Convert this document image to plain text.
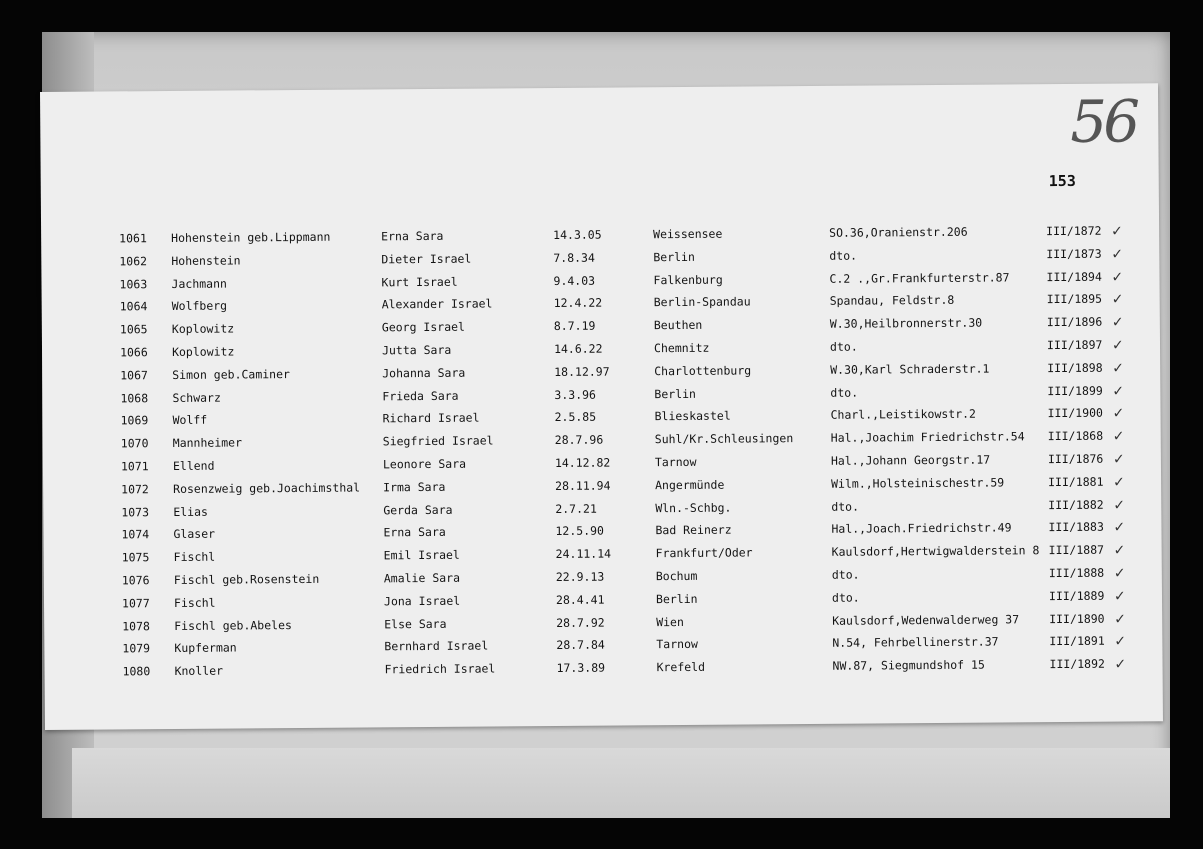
56
153
1061 Hohenstein geb.Lippmann	Erna Sara	14.3.05	Weissensee	SO.36,Oranienstr.206	III/1872 ✓
1062 Hohenstein	Dieter Israel	7.8.34	Berlin	dto.	III/1873 ✓
1063 Jachmann	Kurt Israel	9.4.03	Falkenburg	C.2 .,Gr.Frankfurterstr.87	III/1894 ✓
1064 Wolfberg	Alexander Israel	12.4.22	Berlin-Spandau	Spandau, Feldstr.8	III/1895 ✓
1065 Koplowitz	Georg Israel	8.7.19	Beuthen	W.30,Heilbronnerstr.30	III/1896 ✓
1066 Koplowitz	Jutta Sara	14.6.22	Chemnitz	dto.	III/1897 ✓
1067 Simon geb.Caminer	Johanna Sara	18.12.97	Charlottenburg	W.30,Karl Schraderstr.1	III/1898 ✓
1068 Schwarz	Frieda Sara	3.3.96	Berlin	dto.	III/1899 ✓
1069 Wolff	Richard Israel	2.5.85	Blieskastel	Charl.,Leistikowstr.2	III/1900 ✓
1070 Mannheimer	Siegfried Israel	28.7.96	Suhl/Kr.Schleusingen	Hal.,Joachim Friedrichstr.54 III/1868 ✓
1071 Ellend	Leonore Sara	14.12.82	Tarnow	Hal.,Johann Georgstr.17	III/1876 ✓
1072 Rosenzweig geb.Joachimsthal Irma Sara	28.11.94	Angermünde	Wilm.,Holsteinischestr.59	III/1881 ✓
1073 Elias	Gerda Sara	2.7.21	Wln.-Schbg.	dto.	III/1882 ✓
1074 Glaser	Erna Sara	12.5.90	Bad Reinerz	Hal.,Joach.Friedrichstr.49	III/1883 ✓
1075 Fischl	Emil Israel	24.11.14	Frankfurt/Oder	Kaulsdorf,Hertwigwalderstein 8 III/1887 ✓
1076 Fischl geb.Rosenstein	Amalie Sara	22.9.13	Bochum	dto.	III/1888 ✓
1077 Fischl	Jona Israel	28.4.41	Berlin	dto.	III/1889 ✓
1078 Fischl geb.Abeles	Else Sara	28.7.92	Wien	Kaulsdorf,Wedenwalderweg 37	III/1890 ✓
1079 Kupferman	Bernhard Israel	28.7.84	Tarnow	N.54, Fehrbellinerstr.37	III/1891 ✓
1080 Knoller	Friedrich Israel	17.3.89	Krefeld	NW.87, Siegmundshof 15	III/1892 ✓
